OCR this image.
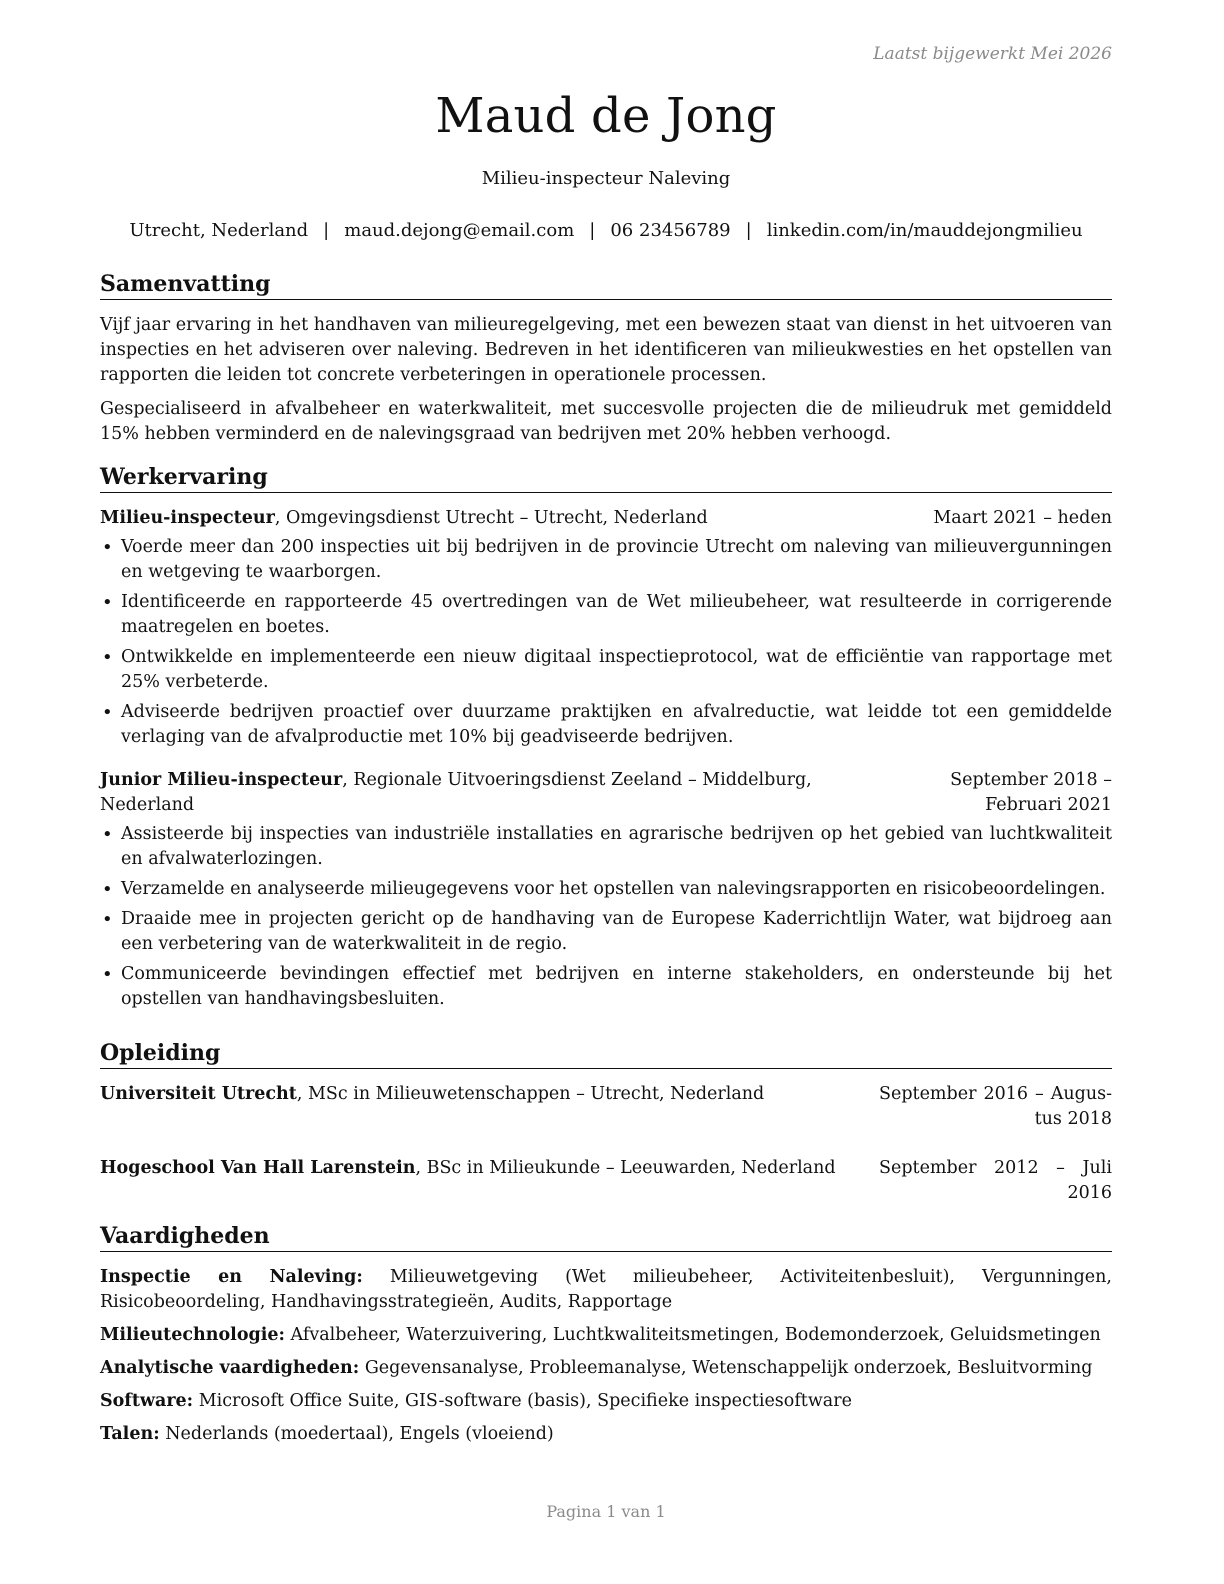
Laatst bijgewerkt Mei 2026
Maud de Jong
Milieu-inspecteur Naleving
Utrecht, Nederland | maud.dejong@email.com | 06 23456789 | linkedin.com/in/mauddejongmilieu
Samenvatting

Vijf jaar ervaring in het handhaven van milieuregelgeving, met een bewezen staat van dienst in het uitvoeren van inspecties en het adviseren over naleving. Bedreven in het identificeren van milieukwesties en het opstellen van rapporten die leiden tot concrete verbeteringen in operationele processen.

Gespecialiseerd in afvalbeheer en waterkwaliteit, met succesvolle projecten die de milieudruk met gemiddeld 15% hebben verminderd en de nalevingsgraad van bedrijven met 20% hebben verhoogd.

Werkervaring
Milieu-inspecteur, Omgevingsdienst Utrecht – Utrecht, Nederland	Maart 2021 – heden
• Voerde meer dan 200 inspecties uit bij bedrijven in de provincie Utrecht om naleving van milieuvergunningen en wetgeving te waarborgen.
• Identificeerde en rapporteerde 45 overtredingen van de Wet milieubeheer, wat resulteerde in corrigerende maatregelen en boetes.
• Ontwikkelde en implementeerde een nieuw digitaal inspectieprotocol, wat de efficiëntie van rapportage met 25% verbeterde.
• Adviseerde bedrijven proactief over duurzame praktijken en afvalreductie, wat leidde tot een gemiddelde verlaging van de afvalproductie met 10% bij geadviseerde bedrijven.
Junior Milieu-inspecteur, Regionale Uitvoeringsdienst Zeeland – Middelburg, Nederland
September 2018 – Februari 2021
• Assisteerde bij inspecties van industriële installaties en agrarische bedrijven op het gebied van luchtkwaliteit en afvalwaterlozingen.
• Verzamelde en analyseerde milieugegevens voor het opstellen van nalevingsrapporten en risicobeoordelingen.
• Draaide mee in projecten gericht op de handhaving van de Europese Kaderrichtlijn Water, wat bijdroeg aan een verbetering van de waterkwaliteit in de regio.
• Communiceerde bevindingen effectief met bedrijven en interne stakeholders, en ondersteunde bij het opstellen van handhavingsbesluiten.
Opleiding
Universiteit Utrecht, MSc in Milieuwetenschappen – Utrecht, Nederland	September 2016 – Augustus 2018
Hogeschool Van Hall Larenstein, BSc in Milieukunde – Leeuwarden, Nederland September 2012 – Juli 2016
Vaardigheden
Inspectie en Naleving: Milieuwetgeving (Wet milieubeheer, Activiteitenbesluit), Vergunningen, Risicobeoordeling, Handhavingsstrategieën, Audits, Rapportage
Milieutechnologie: Afvalbeheer, Waterzuivering, Luchtkwaliteitsmetingen, Bodemonderzoek, Geluidsmetingen
Analytische vaardigheden: Gegevensanalyse, Probleemanalyse, Wetenschappelijk onderzoek, Besluitvorming
Software: Microsoft Office Suite, GIS-software (basis), Specifieke inspectiesoftware
Talen: Nederlands (moedertaal), Engels (vloeiend)
Pagina 1 van 1
